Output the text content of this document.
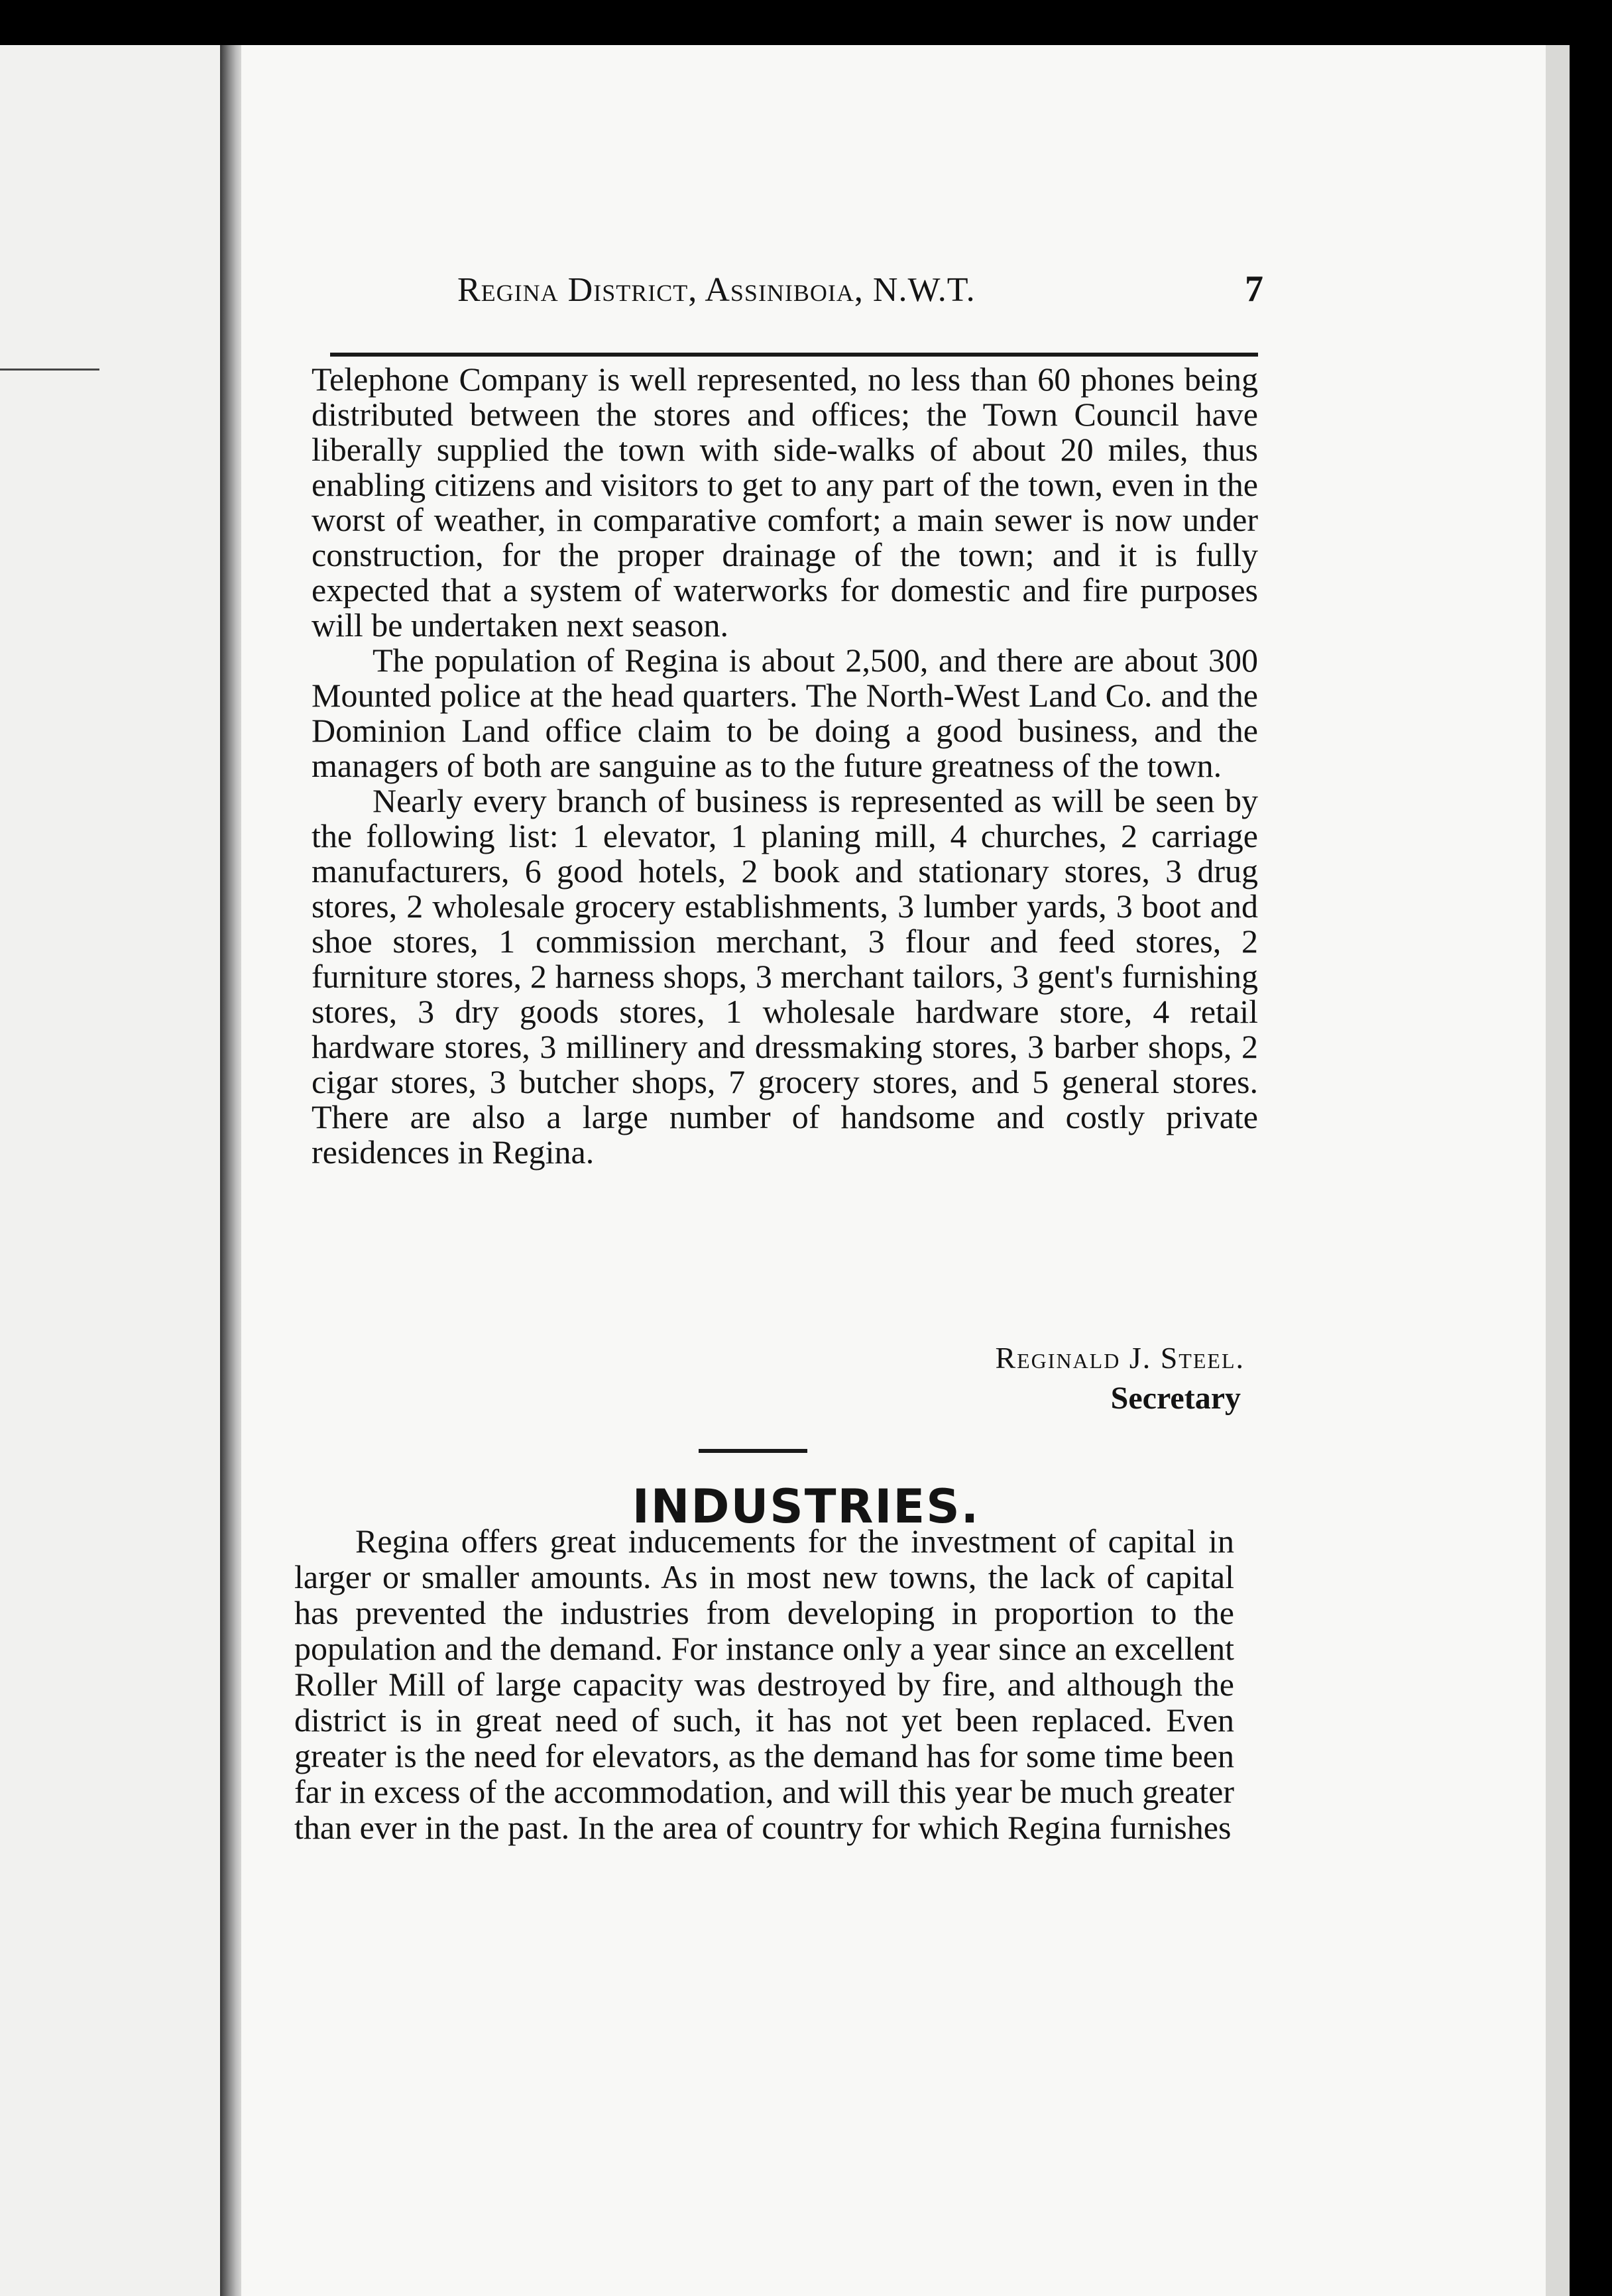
Regina District, Assiniboia, N.W.T.	7

Telephone Company is well represented, no less than 60 phones being distributed between the stores and offices; the Town Council have liberally supplied the town with side-walks of about 20 miles, thus enabling citizens and visitors to get to any part of the town, even in the worst of weather, in comparative comfort; a main sewer is now under construction, for the proper drainage of the town; and it is fully expected that a system of waterworks for domestic and fire purposes will be undertaken next season.

The population of Regina is about 2,500, and there are about 300 Mounted police at the head quarters. The North-West Land Co. and the Dominion Land office claim to be doing a good business, and the managers of both are sanguine as to the future greatness of the town.

Nearly every branch of business is represented as will be seen by the following list: 1 elevator, 1 planing mill, 4 churches, 2 carriage manufacturers, 6 good hotels, 2 book and stationary stores, 3 drug stores, 2 wholesale grocery establishments, 3 lumber yards, 3 boot and shoe stores, 1 commission merchant, 3 flour and feed stores, 2 furniture stores, 2 harness shops, 3 merchant tailors, 3 gent's furnishing stores, 3 dry goods stores, 1 wholesale hardware store, 4 retail hardware stores, 3 millinery and dressmaking stores, 3 barber shops, 2 cigar stores, 3 butcher shops, 7 grocery stores, and 5 general stores. There are also a large number of handsome and costly private residences in Regina.

Reginald J. Steel.
Secretary
INDUSTRIES.

Regina offers great inducements for the investment of capital in larger or smaller amounts. As in most new towns, the lack of capital has prevented the industries from developing in proportion to the population and the demand. For instance only a year since an excellent Roller Mill of large capacity was destroyed by fire, and although the district is in great need of such, it has not yet been replaced. Even greater is the need for elevators, as the demand has for some time been far in excess of the accommodation, and will this year be much greater than ever in the past. In the area of country for which Regina furnishes
